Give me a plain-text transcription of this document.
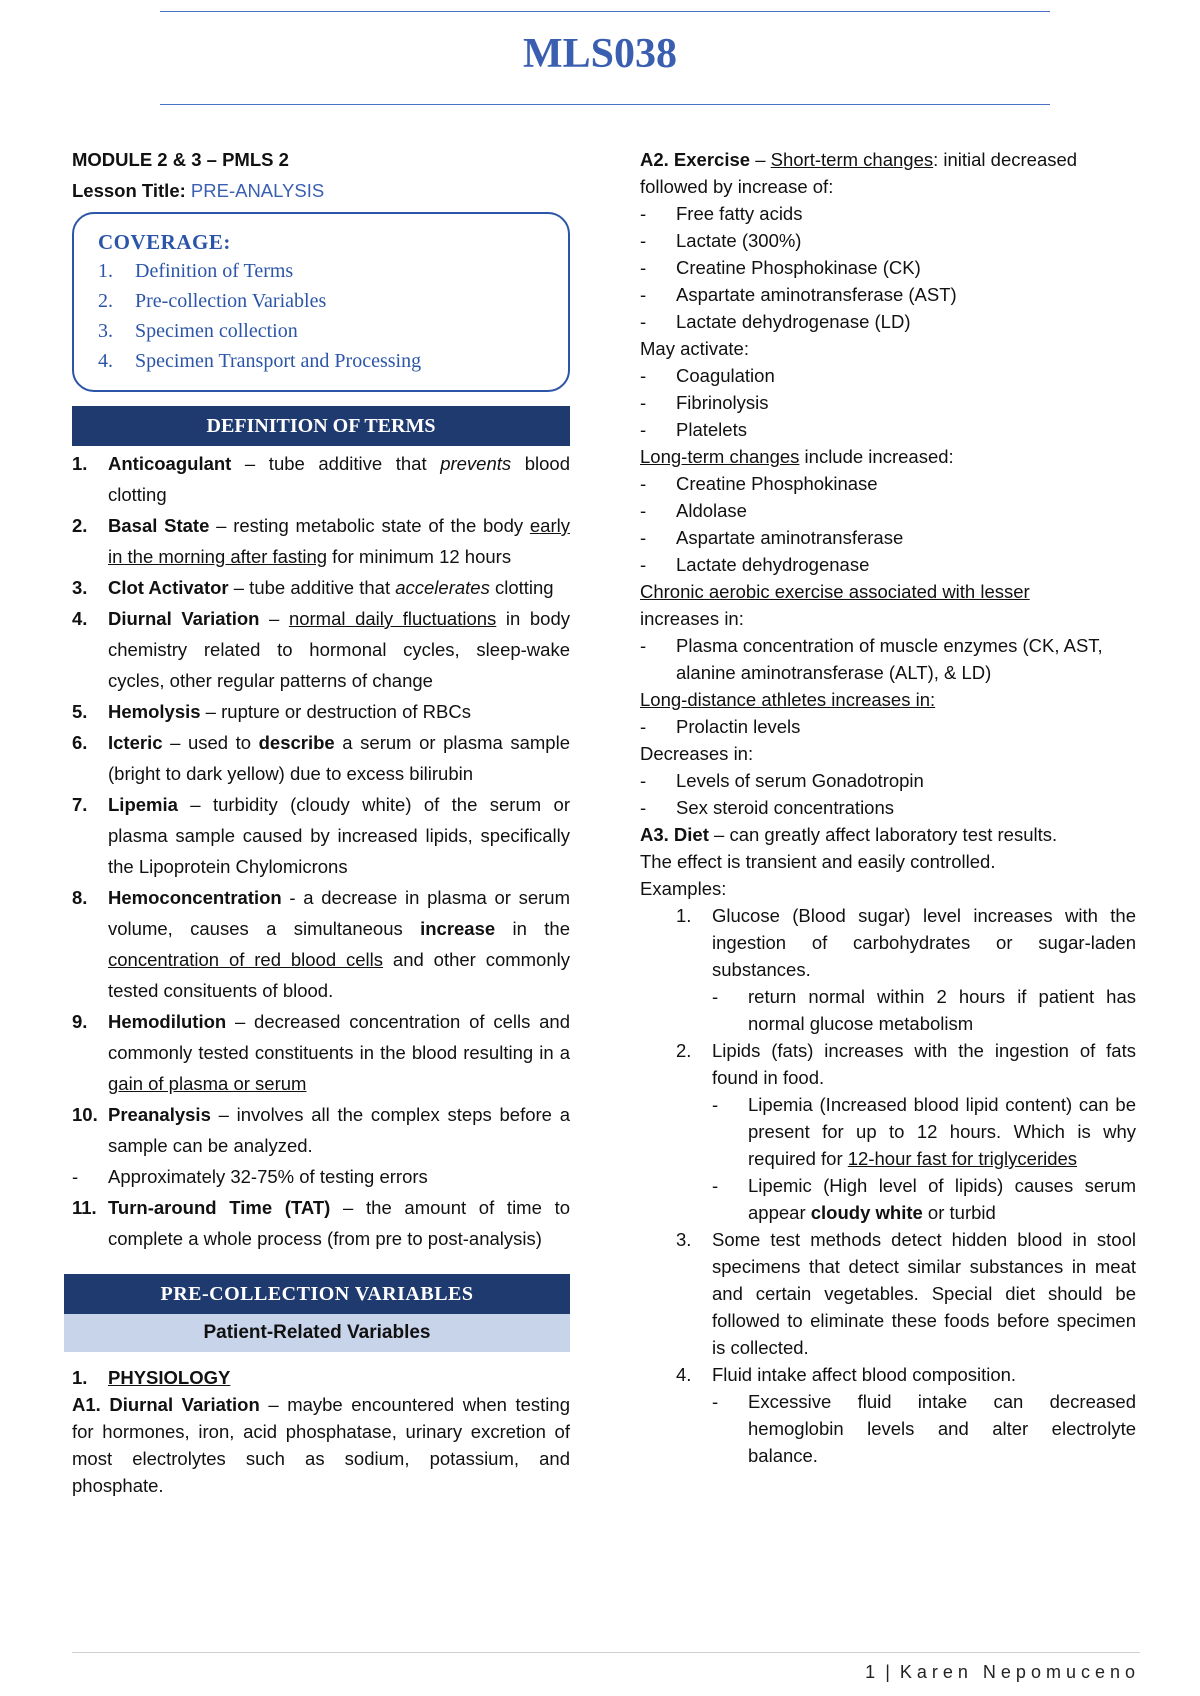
MLS038
MODULE 2 & 3 – PMLS 2
Lesson Title: PRE-ANALYSIS
COVERAGE:
1.	Definition of Terms
2.	Pre-collection Variables
3.	Specimen collection
4.	Specimen Transport and Processing
DEFINITION OF TERMS
1.	Anticoagulant – tube additive that prevents blood clotting
2.	Basal State – resting metabolic state of the body early in the morning after fasting for minimum 12 hours
3.	Clot Activator – tube additive that accelerates clotting
4.	Diurnal Variation – normal daily fluctuations in body chemistry related to hormonal cycles, sleep-wake cycles, other regular patterns of change
5.	Hemolysis – rupture or destruction of RBCs
6.	Icteric – used to describe a serum or plasma sample (bright to dark yellow) due to excess bilirubin
7.	Lipemia – turbidity (cloudy white) of the serum or plasma sample caused by increased lipids, specifically the Lipoprotein Chylomicrons
8.	Hemoconcentration - a decrease in plasma or serum volume, causes a simultaneous increase in the concentration of red blood cells and other commonly tested consituents of blood.
9.	Hemodilution – decreased concentration of cells and commonly tested constituents in the blood resulting in a gain of plasma or serum
10. Preanalysis – involves all the complex steps before a sample can be analyzed.
-	Approximately 32-75% of testing errors
11. Turn-around Time (TAT) – the amount of time to complete a whole process (from pre to post-analysis)
PRE-COLLECTION VARIABLES
Patient-Related Variables
1.	PHYSIOLOGY
A1. Diurnal Variation – maybe encountered when testing for hormones, iron, acid phosphatase, urinary excretion of most electrolytes such as sodium, potassium, and phosphate.
A2. Exercise – Short-term changes: initial decreased followed by increase of:
-	Free fatty acids
-	Lactate (300%)
-	Creatine Phosphokinase (CK)
-	Aspartate aminotransferase (AST)
-	Lactate dehydrogenase (LD)
May activate:
-	Coagulation
-	Fibrinolysis
-	Platelets
Long-term changes include increased:
-	Creatine Phosphokinase
-	Aldolase
-	Aspartate aminotransferase
-	Lactate dehydrogenase
Chronic aerobic exercise associated with lesser
increases in:
-	Plasma concentration of muscle enzymes (CK, AST, alanine aminotransferase (ALT), & LD)
Long-distance athletes increases in:
-	Prolactin levels
Decreases in:
-	Levels of serum Gonadotropin
-	Sex steroid concentrations
A3. Diet – can greatly affect laboratory test results.
The effect is transient and easily controlled.
Examples:
1.	Glucose (Blood sugar) level increases with the ingestion of carbohydrates or sugar-laden substances.
-	return normal within 2 hours if patient has normal glucose metabolism
2.	Lipids (fats) increases with the ingestion of fats found in food.
-	Lipemia (Increased blood lipid content) can be present for up to 12 hours. Which is why required for 12-hour fast for triglycerides
-	Lipemic (High level of lipids) causes serum appear cloudy white or turbid
3.	Some test methods detect hidden blood in stool specimens that detect similar substances in meat and certain vegetables. Special diet should be followed to eliminate these foods before specimen is collected.
4.	Fluid intake affect blood composition.
-	Excessive fluid intake can decreased hemoglobin levels and alter electrolyte balance.
1 | Karen Nepomuceno
